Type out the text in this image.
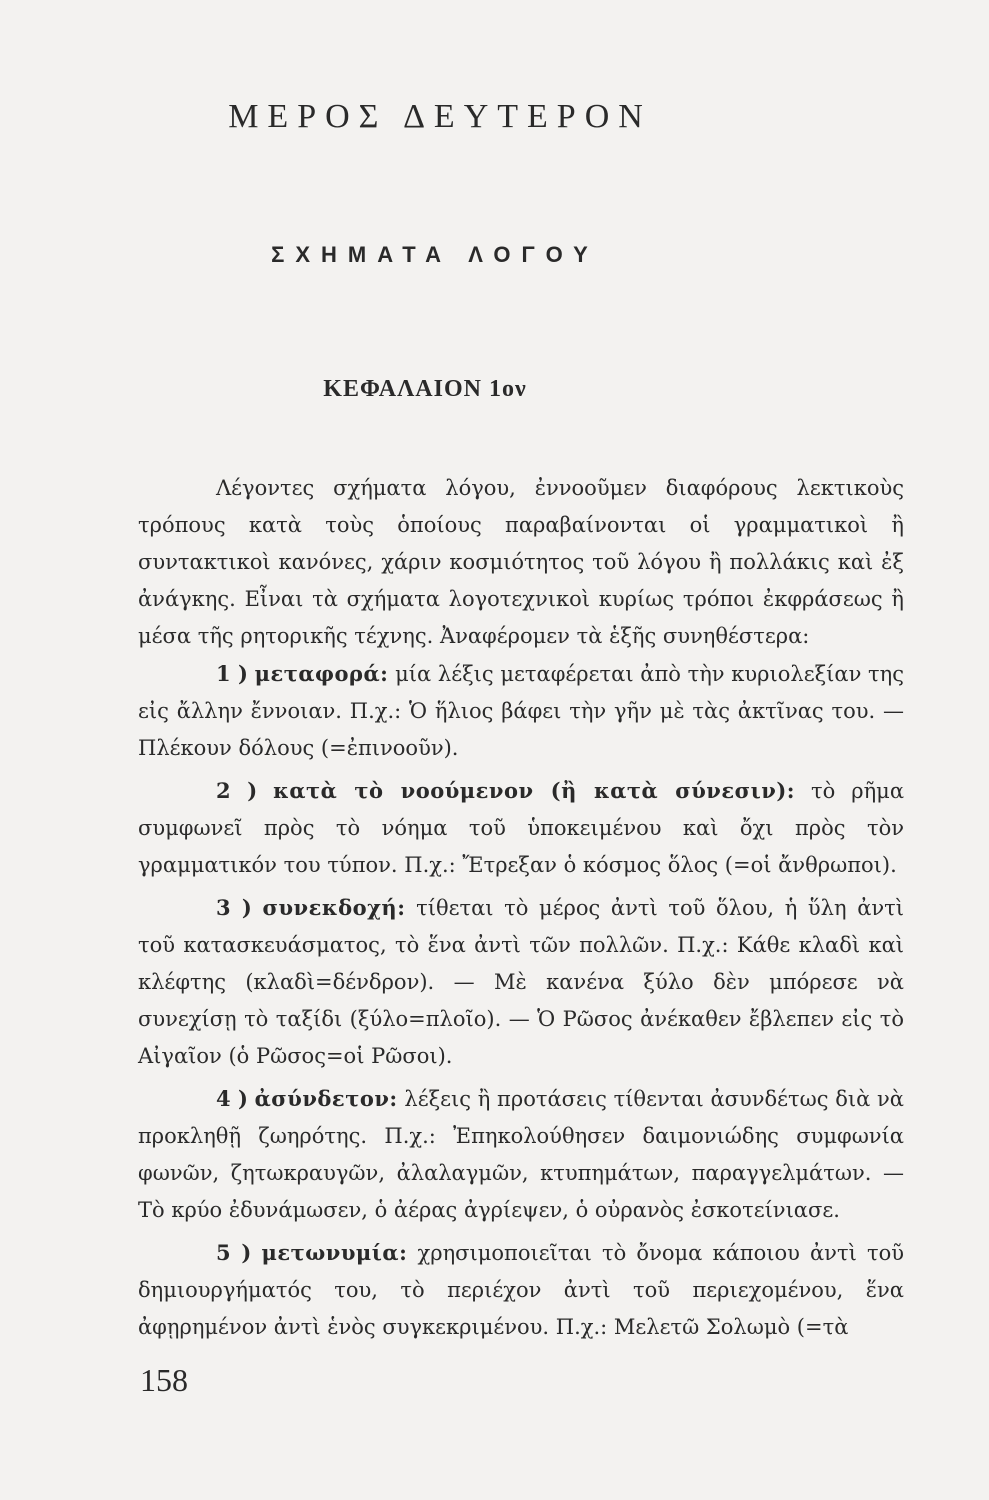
ΜΕΡΟΣ ΔΕΥΤΕΡΟΝ
ΣΧΗΜΑΤΑ ΛΟΓΟΥ
ΚΕΦΑΛΑΙΟΝ 1ον

Λέγοντες σχήματα λόγου, ἐννοοῦμεν διαφόρους λεκτικοὺς τρόπους κατὰ τοὺς ὁποίους παραβαίνονται οἱ γραμματικοὶ ἢ συντακτικοὶ κανόνες, χάριν κοσμιότητος τοῦ λόγου ἢ πολλάκις καὶ ἐξ ἀνάγκης. Εἶναι τὰ σχήματα λογοτεχνικοὶ κυρίως τρόποι ἐκφράσεως ἢ μέσα τῆς ρητορικῆς τέχνης. Ἀναφέρομεν τὰ ἑξῆς συνηθέστερα:

1 ) μεταφορά: μία λέξις μεταφέρεται ἀπὸ τὴν κυριολεξίαν της εἰς ἄλλην ἔννοιαν. Π.χ.: Ὁ ἥλιος βάφει τὴν γῆν μὲ τὰς ἀκτῖνας του. — Πλέκουν δόλους (=ἐπινοοῦν).

2 ) κατὰ τὸ νοούμενον (ἢ κατὰ σύνεσιν): τὸ ρῆμα συμφωνεῖ πρὸς τὸ νόημα τοῦ ὑποκειμένου καὶ ὄχι πρὸς τὸν γραμματικόν του τύπον. Π.χ.: Ἔτρεξαν ὁ κόσμος ὅλος (=οἱ ἄνθρωποι).

3 ) συνεκδοχή: τίθεται τὸ μέρος ἀντὶ τοῦ ὅλου, ἡ ὕλη ἀντὶ τοῦ κατασκευάσματος, τὸ ἕνα ἀντὶ τῶν πολλῶν. Π.χ.: Κάθε κλαδὶ καὶ κλέφτης (κλαδὶ=δένδρον). — Μὲ κανένα ξύλο δὲν μπόρεσε νὰ συνεχίσῃ τὸ ταξίδι (ξύλο=πλοῖο). — Ὁ Ρῶσος ἀνέκαθεν ἔβλεπεν εἰς τὸ Αἰγαῖον (ὁ Ρῶσος=οἱ Ρῶσοι).

4 ) ἀσύνδετον: λέξεις ἢ προτάσεις τίθενται ἀσυνδέτως διὰ νὰ προκληθῇ ζωηρότης. Π.χ.: Ἐπηκολούθησεν δαιμονιώδης συμφωνία φωνῶν, ζητωκραυγῶν, ἀλαλαγμῶν, κτυπημάτων, παραγγελμάτων. — Τὸ κρύο ἐδυνάμωσεν, ὁ ἀέρας ἀγρίεψεν, ὁ οὐρανὸς ἐσκοτείνιασε.

5 ) μετωνυμία: χρησιμοποιεῖται τὸ ὄνομα κάποιου ἀντὶ τοῦ δημιουργήματός του, τὸ περιέχον ἀντὶ τοῦ περιεχομένου, ἕνα ἀφῃρημένον ἀντὶ ἑνὸς συγκεκριμένου. Π.χ.: Μελετῶ Σολωμὸ (=τὰ

158
